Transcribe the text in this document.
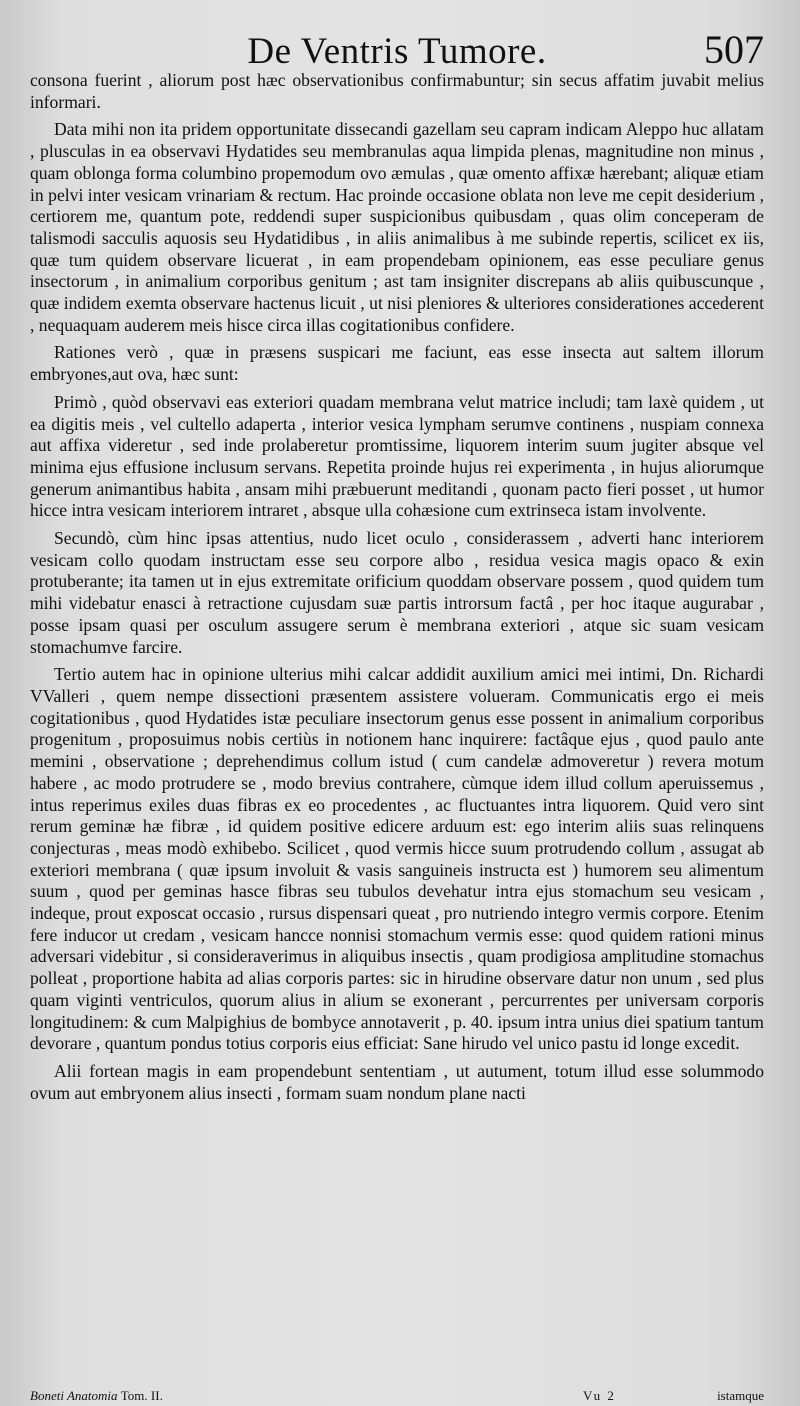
De Ventris Tumore.	507

consona fuerint , aliorum post hæc observationibus confirmabuntur; sin secus affatim juvabit melius informari.

Data mihi non ita pridem opportunitate dissecandi gazellam seu capram indicam Aleppo huc allatam , plusculas in ea observavi Hydatides seu membranulas aqua limpida plenas, magnitudine non minus , quam oblonga forma columbino propemodum ovo æmulas , quæ omento affixæ hærebant; aliquæ etiam in pelvi inter vesicam vrinariam & rectum. Hac proinde occasione oblata non leve me cepit desiderium , certiorem me, quantum pote, reddendi super suspicionibus quibusdam , quas olim conceperam de talismodi sacculis aquosis seu Hydatidibus , in aliis animalibus à me subinde repertis, scilicet ex iis, quæ tum quidem observare licuerat , in eam propendebam opinionem, eas esse peculiare genus insectorum , in animalium corporibus genitum ; ast tam insigniter discrepans ab aliis quibuscunque , quæ indidem exemta observare hactenus licuit , ut nisi pleniores & ulteriores considerationes accederent , nequaquam auderem meis hisce circa illas cogitationibus confidere.

Rationes verò , quæ in præsens suspicari me faciunt, eas esse insecta aut saltem illorum embryones,aut ova, hæc sunt:

Primò , quòd observavi eas exteriori quadam membrana velut matrice includi; tam laxè quidem , ut ea digitis meis , vel cultello adaperta , interior vesica lympham serumve continens , nuspiam connexa aut affixa videretur , sed inde prolaberetur promtissime, liquorem interim suum jugiter absque vel minima ejus effusione inclusum servans. Repetita proinde hujus rei experimenta , in hujus aliorumque generum animantibus habita , ansam mihi præbuerunt meditandi , quonam pacto fieri posset , ut humor hicce intra vesicam interiorem intraret , absque ulla cohæsione cum extrinseca istam involvente.

Secundò, cùm hinc ipsas attentius, nudo licet oculo , considerassem , adverti hanc interiorem vesicam collo quodam instructam esse seu corpore albo , residua vesica magis opaco & exin protuberante; ita tamen ut in ejus extremitate orificium quoddam observare possem , quod quidem tum mihi videbatur enasci à retractione cujusdam suæ partis introrsum factâ , per hoc itaque augurabar , posse ipsam quasi per osculum assugere serum è membrana exteriori , atque sic suam vesicam stomachumve farcire.

Tertio autem hac in opinione ulterius mihi calcar addidit auxilium amici mei intimi, Dn. Richardi VValleri , quem nempe dissectioni præsentem assistere volueram. Communicatis ergo ei meis cogitationibus , quod Hydatides istæ peculiare insectorum genus esse possent in animalium corporibus progenitum , proposuimus nobis certiùs in notionem hanc inquirere: factâque ejus , quod paulo ante memini , observatione ; deprehendimus collum istud ( cum candelæ admoveretur ) revera motum habere , ac modo protrudere se , modo brevius contrahere, cùmque idem illud collum aperuissemus , intus reperimus exiles duas fibras ex eo procedentes , ac fluctuantes intra liquorem. Quid vero sint rerum geminæ hæ fibræ , id quidem positive edicere arduum est: ego interim aliis suas relinquens conjecturas , meas modò exhibebo. Scilicet , quod vermis hicce suum protrudendo collum , assugat ab exteriori membrana ( quæ ipsum involuit & vasis sanguineis instructa est ) humorem seu alimentum suum , quod per geminas hasce fibras seu tubulos devehatur intra ejus stomachum seu vesicam , indeque, prout exposcat occasio , rursus dispensari queat , pro nutriendo integro vermis corpore. Etenim fere inducor ut credam , vesicam hancce nonnisi stomachum vermis esse: quod quidem rationi minus adversari videbitur , si consideraverimus in aliquibus insectis , quam prodigiosa amplitudine stomachus polleat , proportione habita ad alias corporis partes: sic in hirudine observare datur non unum , sed plus quam viginti ventriculos, quorum alius in alium se exonerant , percurrentes per universam corporis longitudinem: & cum Malpighius de bombyce annotaverit , p. 40. ipsum intra unius diei spatium tantum devorare , quantum pondus totius corporis eius efficiat: Sane hirudo vel unico pastu id longe excedit.

Alii fortean magis in eam propendebunt sententiam , ut autument, totum illud esse solummodo ovum aut embryonem alius insecti , formam suam nondum plane nacti

Boneti Anatomia Tom. II.	Vu 2	istamque
